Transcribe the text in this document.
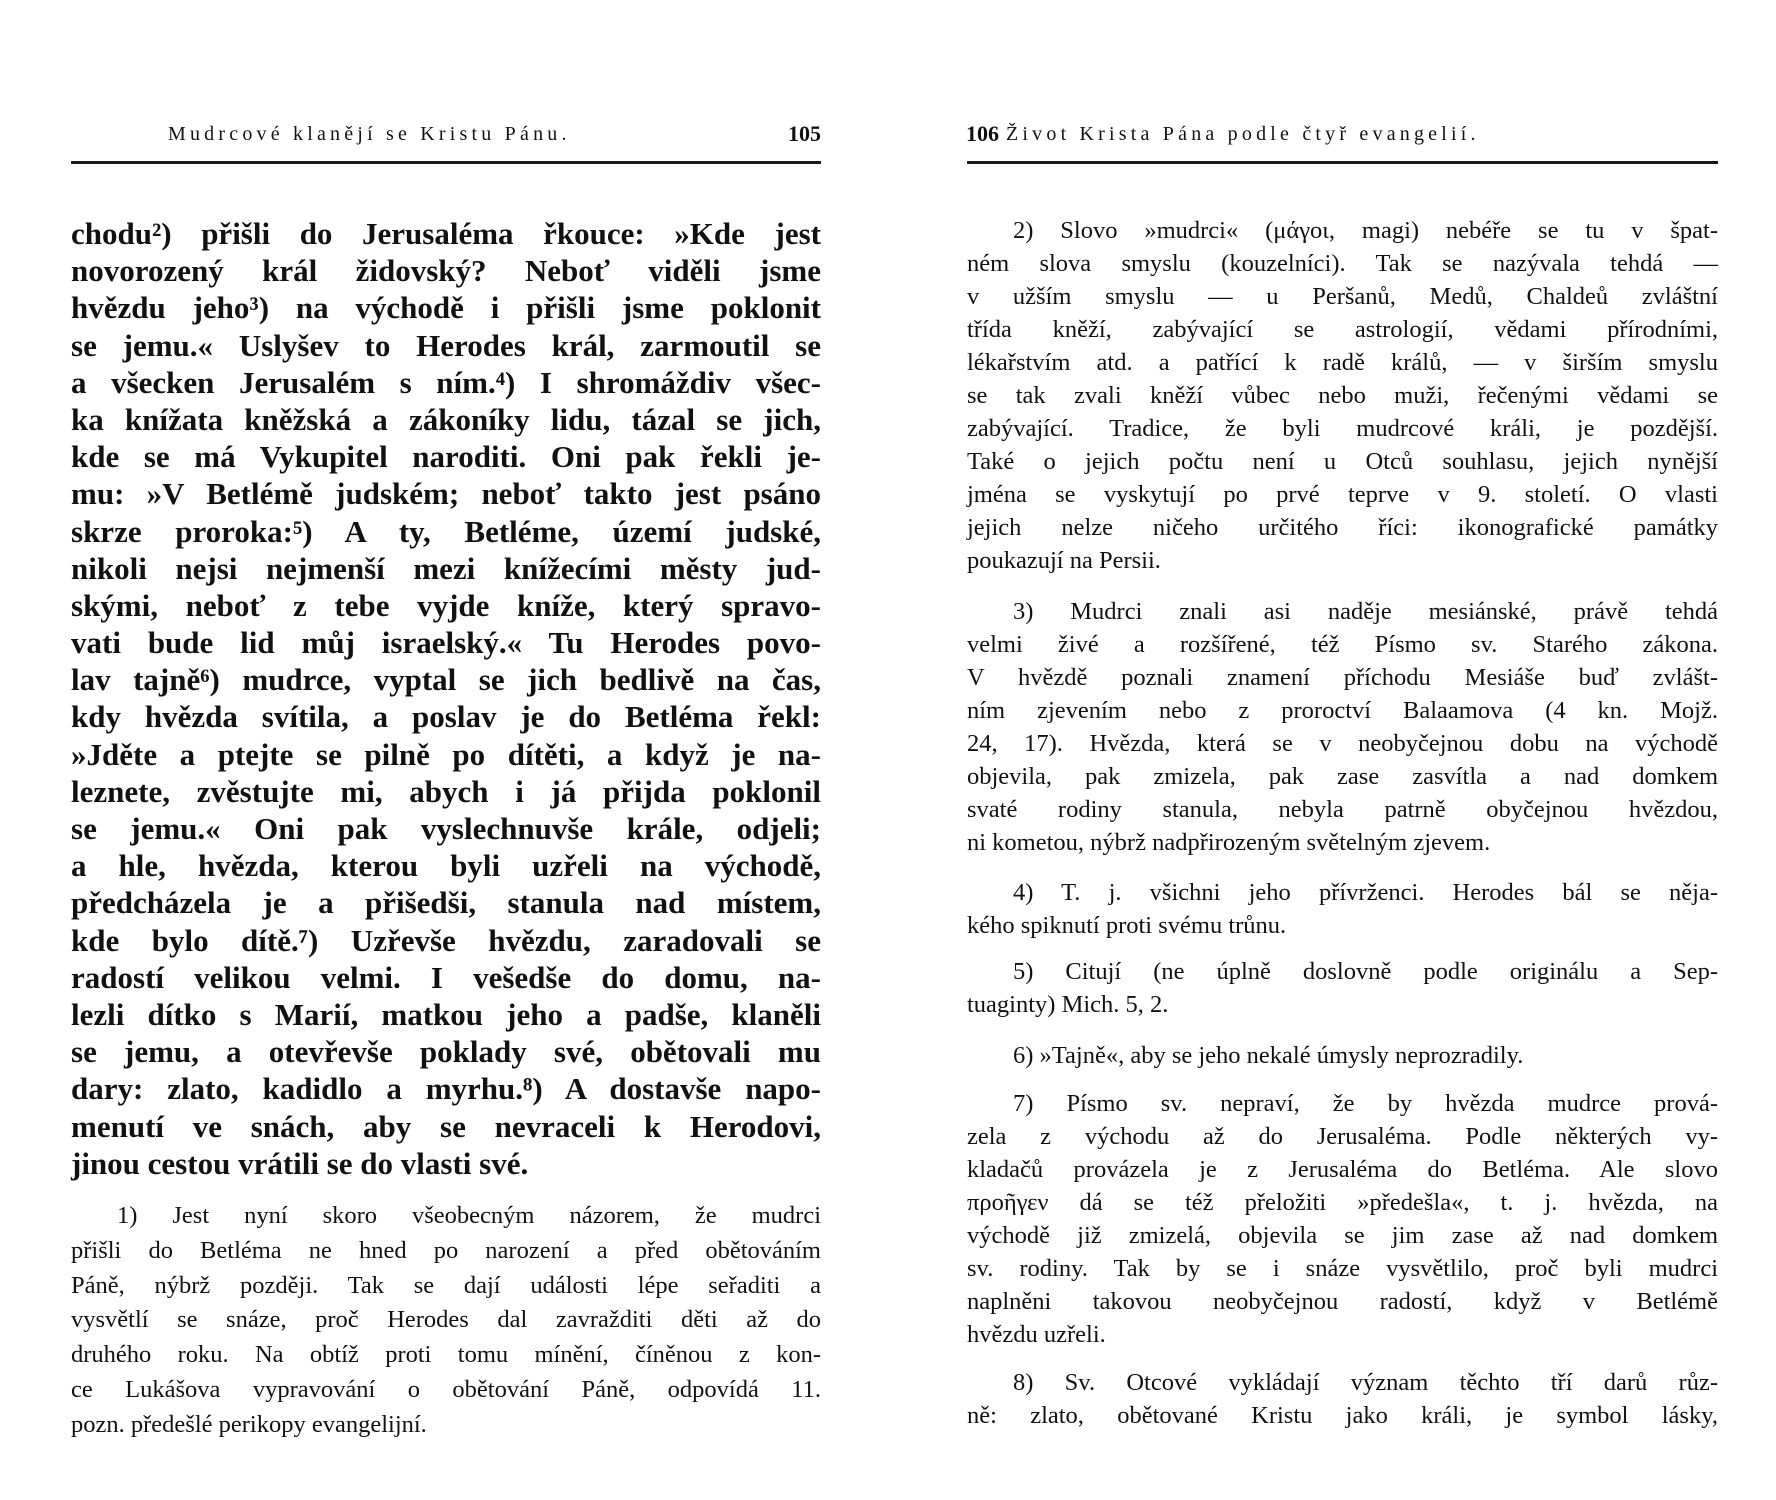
Mudrcové klanějí se Kristu Pánu.	105
chodu²) přišli do Jerusaléma řkouce: »Kde jest
novorozený král židovský? Neboť viděli jsme
hvězdu jeho³) na východě i přišli jsme poklonit
se jemu.« Uslyšev to Herodes král, zarmoutil se
a všecken Jerusalém s ním.⁴) I shromáždiv všec-
ka knížata kněžská a zákoníky lidu, tázal se jich,
kde se má Vykupitel naroditi. Oni pak řekli je-
mu: »V Betlémě judském; neboť takto jest psáno
skrze proroka:⁵) A ty, Betléme, území judské,
nikoli nejsi nejmenší mezi knížecími městy jud-
skými, neboť z tebe vyjde kníže, který spravo-
vati bude lid můj israelský.« Tu Herodes povo-
lav tajně⁶) mudrce, vyptal se jich bedlivě na čas,
kdy hvězda svítila, a poslav je do Betléma řekl:
»Jděte a ptejte se pilně po dítěti, a když je na-
leznete, zvěstujte mi, abych i já přijda poklonil
se jemu.« Oni pak vyslechnuvše krále, odjeli;
a hle, hvězda, kterou byli uzřeli na východě,
předcházela je a přišedši, stanula nad místem,
kde bylo dítě.⁷) Uzřevše hvězdu, zaradovali se
radostí velikou velmi. I vešedše do domu, na-
lezli dítko s Marií, matkou jeho a padše, klaněli
se jemu, a otevřevše poklady své, obětovali mu
dary: zlato, kadidlo a myrhu.⁸) A dostavše napo-
menutí ve snách, aby se nevraceli k Herodovi,
jinou cestou vrátili se do vlasti své.
1) Jest nyní skoro všeobecným názorem, že mudrci
přišli do Betléma ne hned po narození a před obětováním
Páně, nýbrž později. Tak se dají události lépe seřaditi a
vysvětlí se snáze, proč Herodes dal zavražditi děti až do
druhého roku. Na obtíž proti tomu mínění, číněnou z kon-
ce Lukášova vypravování o obětování Páně, odpovídá 11.
pozn. předešlé perikopy evangelijní.
106 Život Krista Pána podle čtyř evangelií.
2) Slovo »mudrci« (μάγοι, magi) nebéře se tu v špat-
ném slova smyslu (kouzelníci). Tak se nazývala tehdá —
v užším smyslu — u Peršanů, Medů, Chaldeů zvláštní
třída kněží, zabývající se astrologií, vědami přírodními,
lékařstvím atd. a patřící k radě králů, — v širším smyslu
se tak zvali kněží vůbec nebo muži, řečenými vědami se
zabývající. Tradice, že byli mudrcové králi, je pozdější.
Také o jejich počtu není u Otců souhlasu, jejich nynější
jména se vyskytují po prvé teprve v 9. století. O vlasti
jejich nelze ničeho určitého říci: ikonografické památky
poukazují na Persii.
3) Mudrci znali asi naděje mesiánské, právě tehdá
velmi živé a rozšířené, též Písmo sv. Starého zákona.
V hvězdě poznali znamení příchodu Mesiáše buď zvlášt-
ním zjevením nebo z proroctví Balaamova (4 kn. Mojž.
24, 17). Hvězda, která se v neobyčejnou dobu na východě
objevila, pak zmizela, pak zase zasvítla a nad domkem
svaté rodiny stanula, nebyla patrně obyčejnou hvězdou,
ni kometou, nýbrž nadpřirozeným světelným zjevem.
4) T. j. všichni jeho přívrženci. Herodes bál se něja-
kého spiknutí proti svému trůnu.
5) Citují (ne úplně doslovně podle originálu a Sep-
tuaginty) Mich. 5, 2.
6) »Tajně«, aby se jeho nekalé úmysly neprozradily.
7) Písmo sv. nepraví, že by hvězda mudrce prová-
zela z východu až do Jerusaléma. Podle některých vy-
kladačů provázela je z Jerusaléma do Betléma. Ale slovo
προῆγεν dá se též přeložiti »předešla«, t. j. hvězda, na
východě již zmizelá, objevila se jim zase až nad domkem
sv. rodiny. Tak by se i snáze vysvětlilo, proč byli mudrci
naplněni takovou neobyčejnou radostí, když v Betlémě
hvězdu uzřeli.
8) Sv. Otcové vykládají význam těchto tří darů růz-
ně: zlato, obětované Kristu jako králi, je symbol lásky,
